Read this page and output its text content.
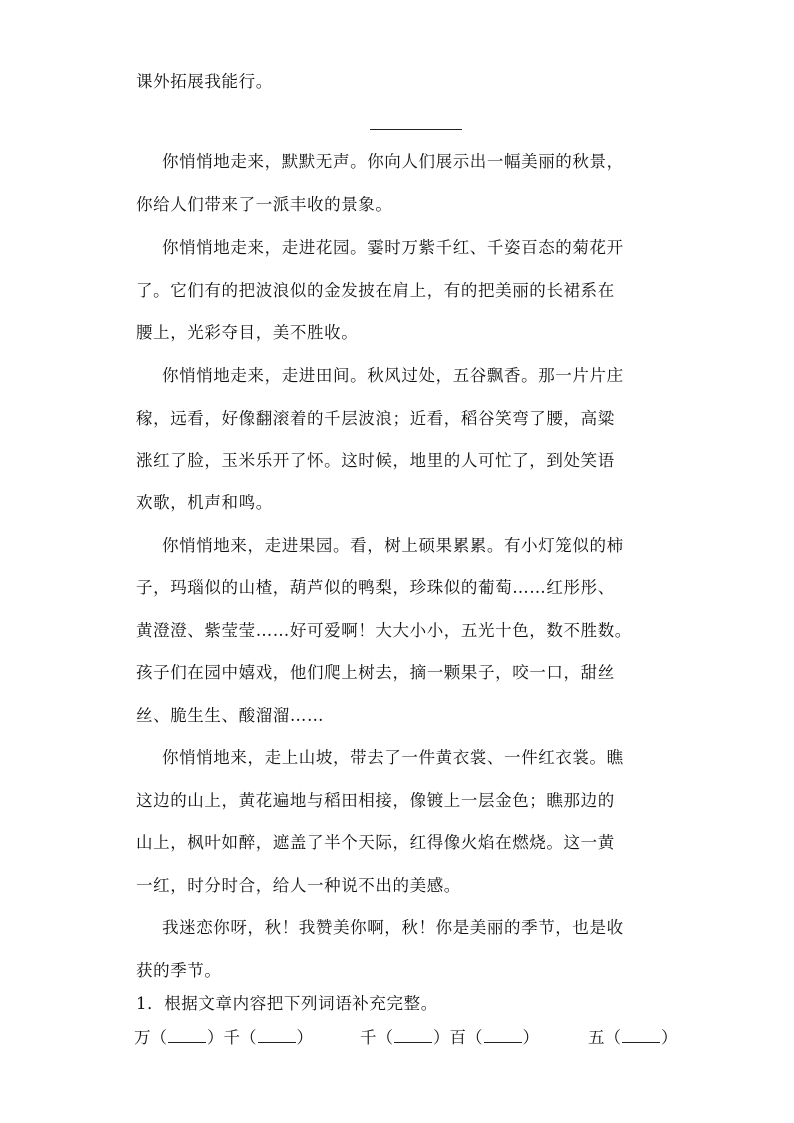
课外拓展我能行。
你悄悄地走来，默默无声。你向人们展示出一幅美丽的秋景，
你给人们带来了一派丰收的景象。
你悄悄地走来，走进花园。霎时万紫千红、千姿百态的菊花开
了。它们有的把波浪似的金发披在肩上，有的把美丽的长裙系在
腰上，光彩夺目，美不胜收。
你悄悄地走来，走进田间。秋风过处，五谷飘香。那一片片庄
稼，远看，好像翻滚着的千层波浪；近看，稻谷笑弯了腰，高粱
涨红了脸，玉米乐开了怀。这时候，地里的人可忙了，到处笑语
欢歌，机声和鸣。
你悄悄地来，走进果园。看，树上硕果累累。有小灯笼似的柿
子，玛瑙似的山楂，葫芦似的鸭梨，珍珠似的葡萄……红彤彤、
黄澄澄、紫莹莹……好可爱啊！大大小小，五光十色，数不胜数。
孩子们在园中嬉戏，他们爬上树去，摘一颗果子，咬一口，甜丝
丝、脆生生、酸溜溜……
你悄悄地来，走上山坡，带去了一件黄衣裳、一件红衣裳。瞧
这边的山上，黄花遍地与稻田相接，像镀上一层金色；瞧那边的
山上，枫叶如醉，遮盖了半个天际，红得像火焰在燃烧。这一黄
一红，时分时合，给人一种说不出的美感。
我迷恋你呀，秋！我赞美你啊，秋！你是美丽的季节，也是收
获的季节。
1．根据文章内容把下列词语补充完整。
万（ ）千（ ）	千（ ）百（ ）	五（ ）
